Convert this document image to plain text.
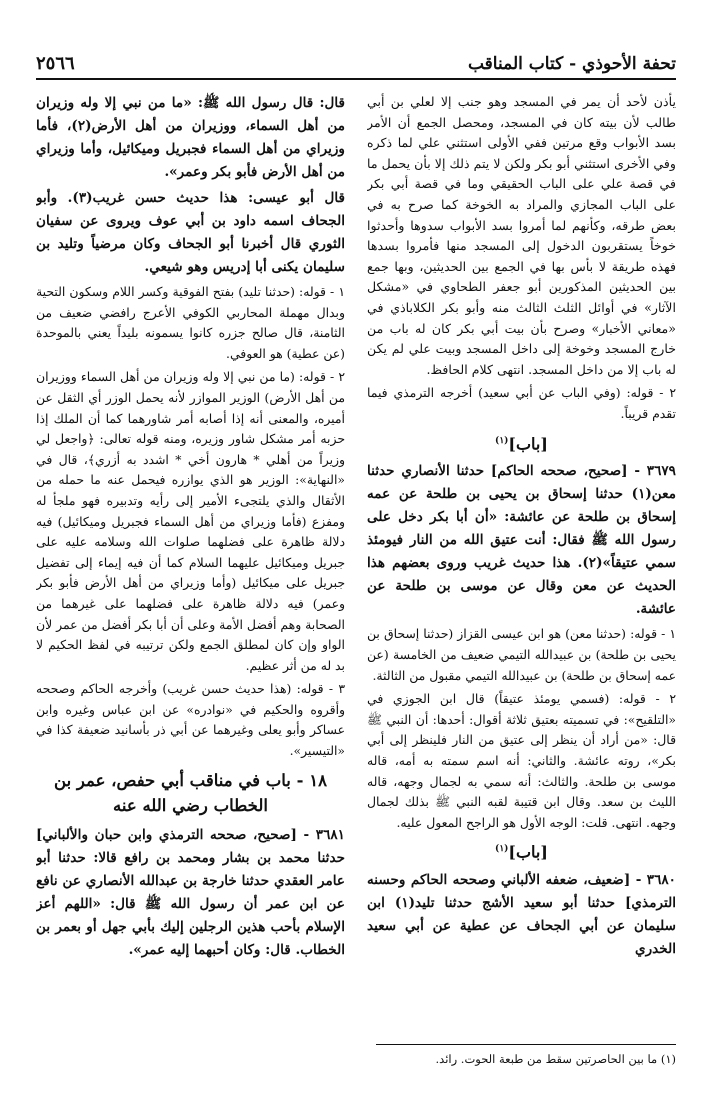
تحفة الأحوذي - كتاب المناقب
٢٥٦٦

يأذن لأحد أن يمر في المسجد وهو جنب إلا لعلي بن أبي طالب لأن بيته كان في المسجد، ومحصل الجمع أن الأمر بسد الأبواب وقع مرتين ففي الأولى استثني علي لما ذكره وفي الأخرى استثني أبو بكر ولكن لا يتم ذلك إلا بأن يحمل ما في قصة علي على الباب الحقيقي وما في قصة أبي بكر على الباب المجازي والمراد به الخوخة كما صرح به في بعض طرقه، وكأنهم لما أمروا بسد الأبواب سدوها وأحدثوا خوخاً يستقربون الدخول إلى المسجد منها فأمروا بسدها فهذه طريقة لا بأس بها في الجمع بين الحديثين، وبها جمع بين الحديثين المذكورين أبو جعفر الطحاوي في «مشكل الآثار» في أوائل الثلث الثالث منه وأبو بكر الكلاباذي في «معاني الأخبار» وصرح بأن بيت أبي بكر كان له باب من خارج المسجد وخوخة إلى داخل المسجد وبيت علي لم يكن له باب إلا من داخل المسجد. انتهى كلام الحافظ.

٢ - قوله: (وفي الباب عن أبي سعيد) أخرجه الترمذي فيما تقدم قريباً.

[باب]$^{(١)}$

٣٦٧٩ - [صحيح، صححه الحاكم] حدثنا الأنصاري حدثنا معن(١) حدثنا إسحاق بن يحيى بن طلحة عن عمه إسحاق بن طلحة عن عائشة: «أن أبا بكر دخل على رسول الله ﷺ فقال: أنت عتيق الله من النار فيومئذ سمي عتيقاً»(٢). هذا حديث غريب وروى بعضهم هذا الحديث عن معن وقال عن موسى بن طلحة عن عائشة.

١ - قوله: (حدثنا معن) هو ابن عيسى القزاز (حدثنا إسحاق بن يحيى بن طلحة) بن عبيدالله التيمي ضعيف من الخامسة (عن عمه إسحاق بن طلحة) بن عبيدالله التيمي مقبول من الثالثة.

٢ - قوله: (فسمي يومئذ عتيقاً) قال ابن الجوزي في «التلقيح»: في تسميته بعتيق ثلاثة أقوال: أحدها: أن النبي ﷺ قال: «من أراد أن ينظر إلى عتيق من النار فلينظر إلى أبي بكر»، روته عائشة. والثاني: أنه اسم سمته به أمه، قاله موسى بن طلحة. والثالث: أنه سمي به لجمال وجهه، قاله الليث بن سعد. وقال ابن قتيبة لقبه النبي ﷺ بذلك لجمال وجهه. انتهى. قلت: الوجه الأول هو الراجح المعول عليه.

[باب]$^{(١)}$

٣٦٨٠ - [ضعيف، ضعفه الألباني وصححه الحاكم وحسنه الترمذي] حدثنا أبو سعيد الأشج حدثنا تليد(١) ابن سليمان عن أبي الجحاف عن عطية عن أبي سعيد الخدري

قال: قال رسول الله ﷺ: «ما من نبي إلا وله وزيران من أهل السماء، ووزيران من أهل الأرض(٢)، فأما وزيراي من أهل السماء فجبريل وميكائيل، وأما وزيراي من أهل الأرض فأبو بكر وعمر».

قال أبو عيسى: هذا حديث حسن غريب(٣). وأبو الجحاف اسمه داود بن أبي عوف ويروى عن سفيان الثوري قال أخبرنا أبو الجحاف وكان مرضياً وتليد بن سليمان يكنى أبا إدريس وهو شيعي.

١ - قوله: (حدثنا تليد) بفتح الفوقية وكسر اللام وسكون التحية وبدال مهملة المحاربي الكوفي الأعرج رافضي ضعيف من الثامنة، قال صالح جزره كانوا يسمونه بليداً يعني بالموحدة (عن عطية) هو العوفي.

٢ - قوله: (ما من نبي إلا وله وزيران من أهل السماء ووزيران من أهل الأرض) الوزير الموازر لأنه يحمل الوزر أي الثقل عن أميره، والمعنى أنه إذا أصابه أمر شاورهما كما أن الملك إذا حزبه أمر مشكل شاور وزيره، ومنه قوله تعالى: ﴿واجعل لي وزيراً من أهلي * هارون أخي * اشدد به أزري﴾، قال في «النهاية»: الوزير هو الذي يوازره فيحمل عنه ما حمله من الأثقال والذي يلتجىء الأمير إلى رأيه وتدبيره فهو ملجأ له ومفزع (فأما وزيراي من أهل السماء فجبريل وميكائيل) فيه دلالة ظاهرة على فضلهما صلوات الله وسلامه عليه على جبريل وميكائيل عليهما السلام كما أن فيه إيماء إلى تفضيل جبريل على ميكائيل (وأما وزيراي من أهل الأرض فأبو بكر وعمر) فيه دلالة ظاهرة على فضلهما على غيرهما من الصحابة وهم أفضل الأمة وعلى أن أبا بكر أفضل من عمر لأن الواو وإن كان لمطلق الجمع ولكن ترتيبه في لفظ الحكيم لا بد له من أثر عظيم.

٣ - قوله: (هذا حديث حسن غريب) وأخرجه الحاكم وصححه وأقروه والحكيم في «نوادره» عن ابن عباس وغيره وابن عساكر وأبو يعلى وغيرهما عن أبي ذر بأسانيد ضعيفة كذا في «التيسير».

١٨ - باب في مناقب أبي حفص، عمر بن الخطاب رضي الله عنه

٣٦٨١ - [صحيح، صححه الترمذي وابن حبان والألباني] حدثنا محمد بن بشار ومحمد بن رافع قالا: حدثنا أبو عامر العقدي حدثنا خارجة بن عبدالله الأنصاري عن نافع عن ابن عمر أن رسول الله ﷺ قال: «اللهم أعز الإسلام بأحب هذين الرجلين إليك بأبي جهل أو بعمر بن الخطاب. قال: وكان أحبهما إليه عمر».

(١) ما بين الحاصرتين سقط من طبعة الحوت. رائد.
